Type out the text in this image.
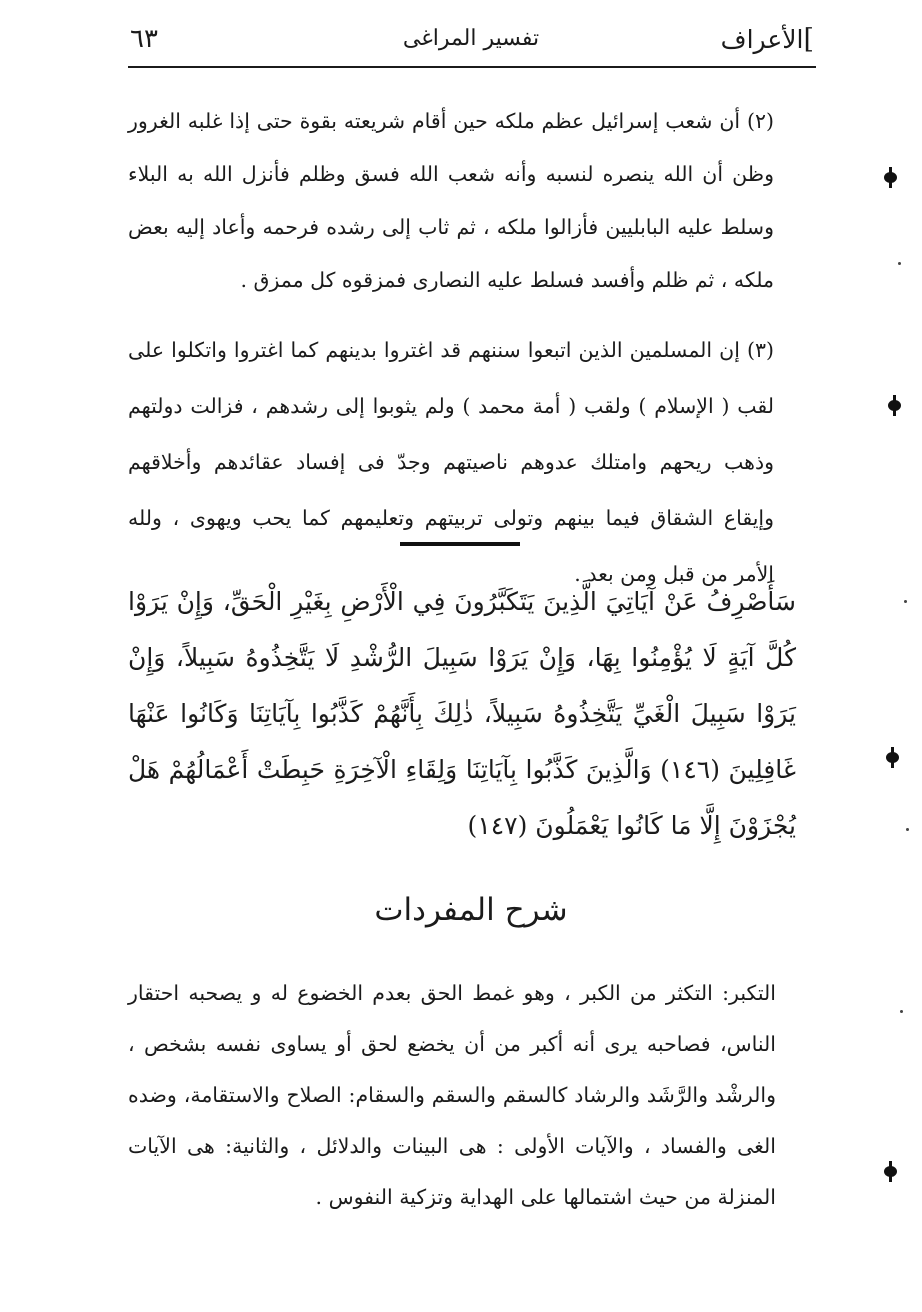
]الأعراف
تفسير المراغى
٦٣
(٢) أن شعب إسرائيل عظم ملكه حين أقام شريعته بقوة حتى إذا غلبه الغرور وظن أن الله ينصره لنسبه وأنه شعب الله فسق وظلم فأنزل الله به البلاء وسلط عليه البابليين فأزالوا ملكه ، ثم ثاب إلى رشده فرحمه وأعاد إليه بعض ملكه ، ثم ظلم وأفسد فسلط عليه النصارى فمزقوه كل ممزق .
(٣) إن المسلمين الذين اتبعوا سننهم قد اغتروا بدينهم كما اغتروا واتكلوا على لقب ( الإسلام ) ولقب ( أمة محمد ) ولم يثوبوا إلى رشدهم ، فزالت دولتهم وذهب ريحهم وامتلك عدوهم ناصيتهم وجدّ فى إفساد عقائدهم وأخلاقهم وإيقاع الشقاق فيما بينهم وتولى تربيتهم وتعليمهم كما يحب ويهوى ، ولله الأمر من قبل ومن بعد .
سَأَصْرِفُ عَنْ آيَاتِيَ الَّذِينَ يَتَكَبَّرُونَ فِي الْأَرْضِ بِغَيْرِ الْحَقِّ، وَإِنْ يَرَوْا كُلَّ آيَةٍ لَا يُؤْمِنُوا بِهَا، وَإِنْ يَرَوْا سَبِيلَ الرُّشْدِ لَا يَتَّخِذُوهُ سَبِيلاً، وَإِنْ يَرَوْا سَبِيلَ الْغَيِّ يَتَّخِذُوهُ سَبِيلاً، ذٰلِكَ بِأَنَّهُمْ كَذَّبُوا بِآيَاتِنَا وَكَانُوا عَنْهَا غَافِلِينَ (١٤٦) وَالَّذِينَ كَذَّبُوا بِآيَاتِنَا وَلِقَاءِ الْآخِرَةِ حَبِطَتْ أَعْمَالُهُمْ هَلْ يُجْزَوْنَ إِلَّا مَا كَانُوا يَعْمَلُونَ (١٤٧)
شرح المفردات
التكبر: التكثر من الكبر ، وهو غمط الحق بعدم الخضوع له و يصحبه احتقار الناس، فصاحبه يرى أنه أكبر من أن يخضع لحق أو يساوى نفسه بشخص ، والرشْد والرَّشَد والرشاد كالسقم والسقم والسقام: الصلاح والاستقامة، وضده الغى والفساد ، والآيات الأولى : هى البينات والدلائل ، والثانية: هى الآيات المنزلة من حيث اشتمالها على الهداية وتزكية النفوس .
